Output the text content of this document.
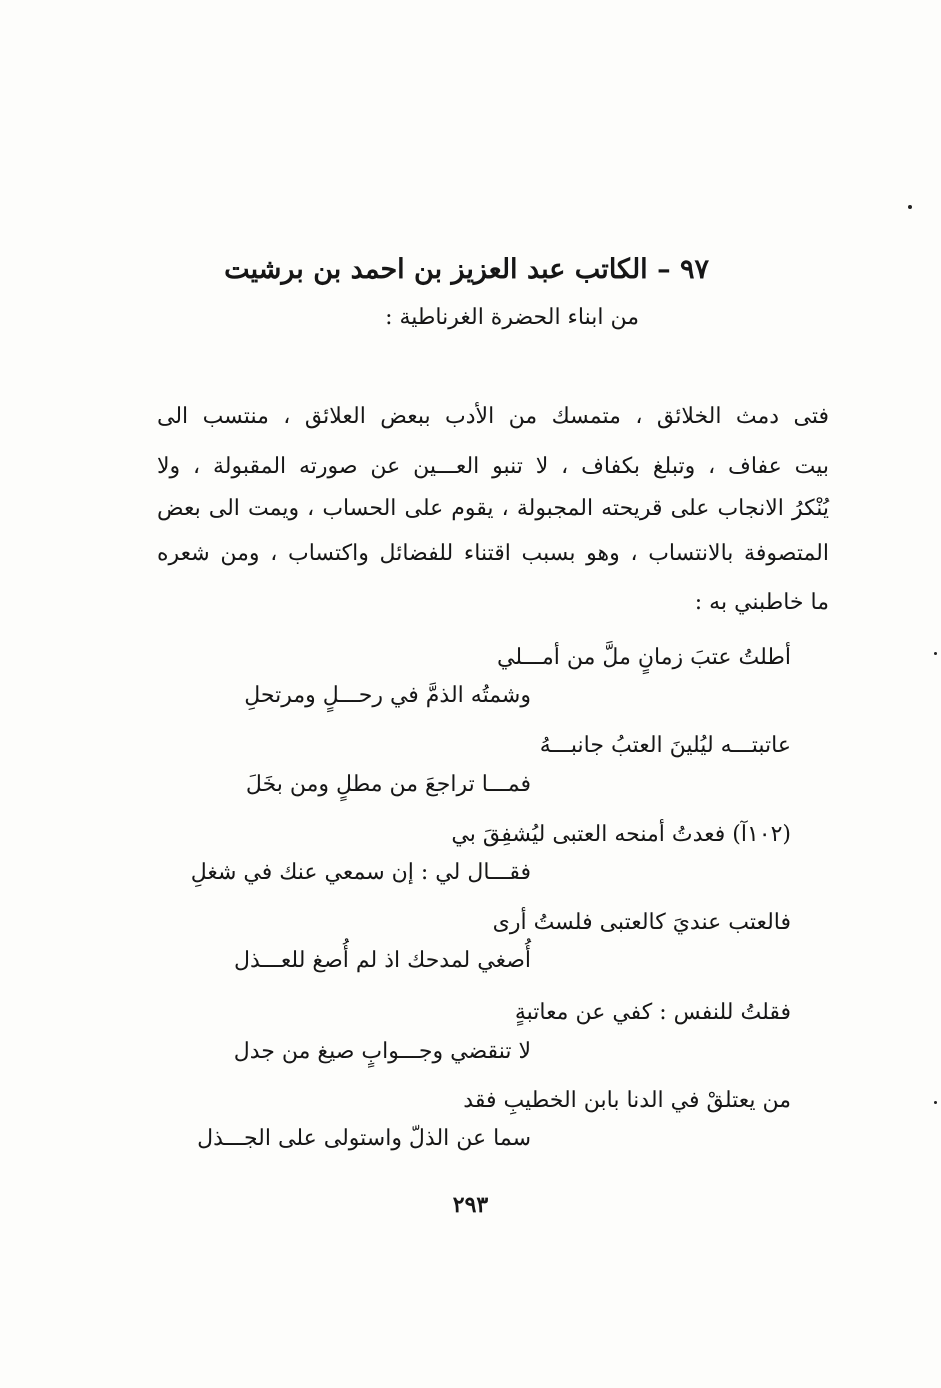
٩٧ – الكاتب عبد العزيز بن احمد بن برشيت
من ابناء الحضرة الغرناطية :
فتى دمث الخلائق ، متمسك من الأدب ببعض العلائق ، منتسب الى
بيت عفاف ، وتبلغ بكفاف ، لا تنبو العـــين عن صورته المقبولة ، ولا
يُنْكرُ الانجاب على قريحته المجبولة ، يقوم على الحساب ، ويمت الى بعض
المتصوفة بالانتساب ، وهو بسبب اقتناء للفضائل واكتساب ، ومن شعره
ما خاطبني به :
أطلتُ عتبَ زمانٍ ملَّ من أمـــلي
وشمتُه الذمَّ في رحـــلٍ ومرتحلِ
عاتبتـــه ليُلينَ العتبُ جانبـــهُ
فمـــا تراجعَ من مطلٍ ومن بخَلَ
(١٠٢آ) فعدتُ أمنحه العتبى ليُشفِقَ بي
فقـــال لي : إن سمعي عنك في شغلِ
فالعتب عنديَ كالعتبى فلستُ أرى
أُصغي لمدحك اذ لم أُصغ للعـــذل
فقلتُ للنفس : كفي عن معاتبةٍ
لا تنقضي وجـــوابٍ صيغ من جدل
من يعتلقْ في الدنا بابن الخطيبِ فقد
سما عن الذلّ واستولى على الجـــذل
٢٩٣
